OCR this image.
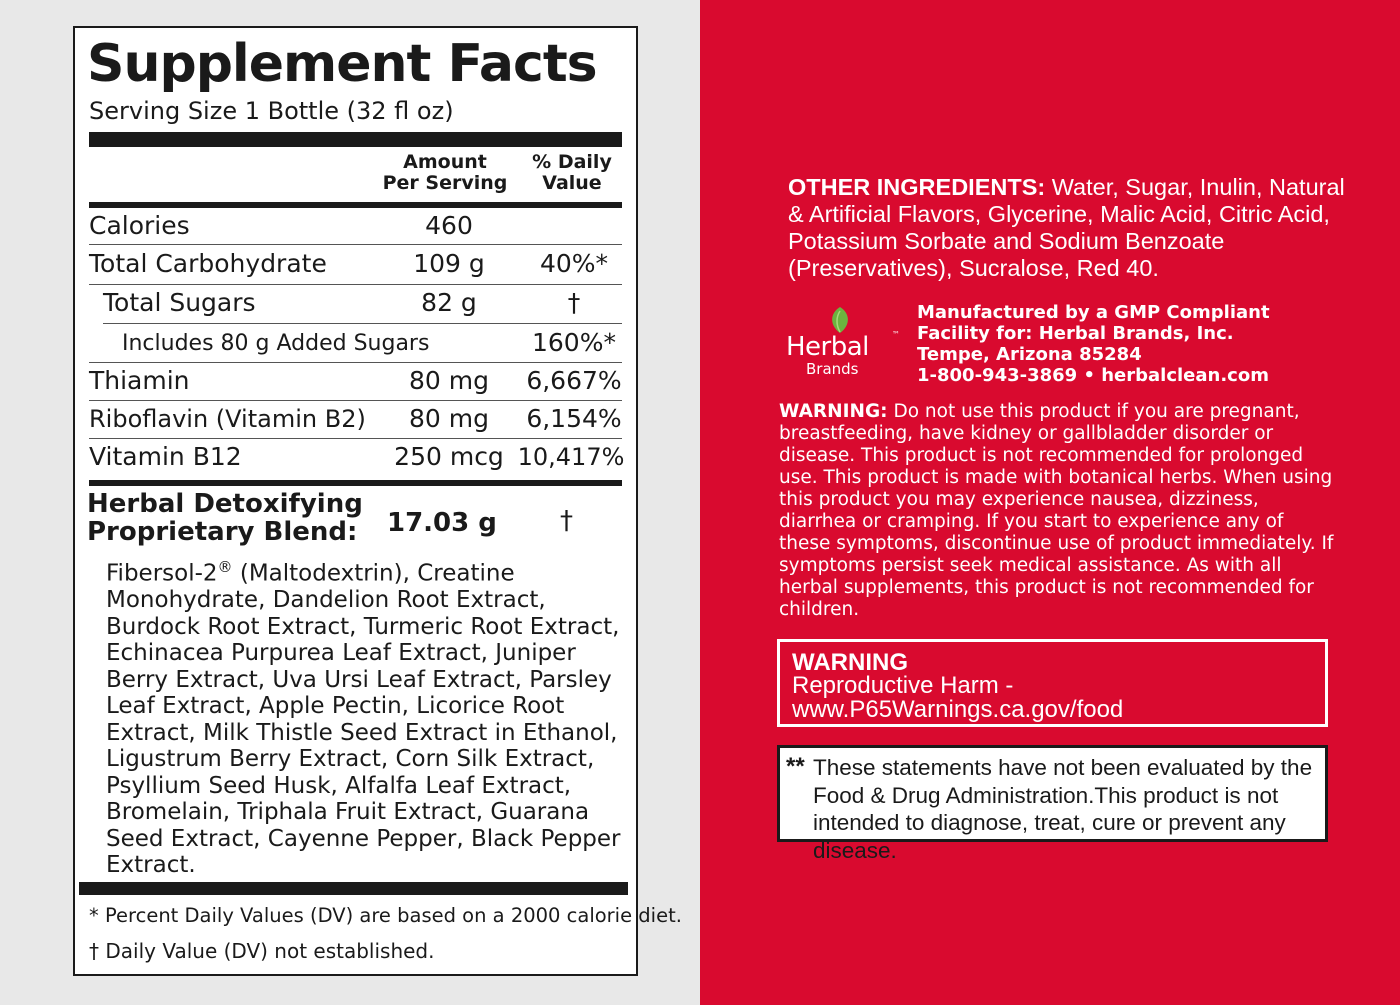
Supplement Facts
Serving Size 1 Bottle (32 fl oz)
Amount
Per Serving
% Daily
Value
Calories	460
Total Carbohydrate	109 g	40%*
Total Sugars	82 g	†
Includes 80 g Added Sugars	160%*
Thiamin	80 mg	6,667%
Riboflavin (Vitamin B2)	80 mg	6,154%
Vitamin B12	250 mcg 10,417%
Herbal Detoxifying
Proprietary Blend: 17.03 g †
Fibersol-2® (Maltodextrin), Creatine Monohydrate, Dandelion Root Extract, Burdock Root Extract, Turmeric Root Extract, Echinacea Purpurea Leaf Extract, Juniper Berry Extract, Uva Ursi Leaf Extract, Parsley Leaf Extract, Apple Pectin, Licorice Root Extract, Milk Thistle Seed Extract in Ethanol, Ligustrum Berry Extract, Corn Silk Extract, Psyllium Seed Husk, Alfalfa Leaf Extract, Bromelain, Triphala Fruit Extract, Guarana Seed Extract, Cayenne Pepper, Black Pepper Extract.
* Percent Daily Values (DV) are based on a 2000 calorie diet.
† Daily Value (DV) not established.
OTHER INGREDIENTS: Water, Sugar, Inulin, Natural & Artificial Flavors, Glycerine, Malic Acid, Citric Acid, Potassium Sorbate and Sodium Benzoate (Preservatives), Sucralose, Red 40.
Herbal	™
Brands
Manufactured by a GMP Compliant
Facility for: Herbal Brands, Inc.
Tempe, Arizona 85284
1-800-943-3869 • herbalclean.com
WARNING: Do not use this product if you are pregnant, breastfeeding, have kidney or gallbladder disorder or disease. This product is not recommended for prolonged use. This product is made with botanical herbs. When using this product you may experience nausea, dizziness, diarrhea or cramping. If you start to experience any of these symptoms, discontinue use of product immediately. If symptoms persist seek medical assistance. As with all herbal supplements, this product is not recommended for children.
WARNING
Reproductive Harm -
www.P65Warnings.ca.gov/food
** These statements have not been evaluated by the Food & Drug Administration.This product is not intended to diagnose, treat, cure or prevent any disease.
